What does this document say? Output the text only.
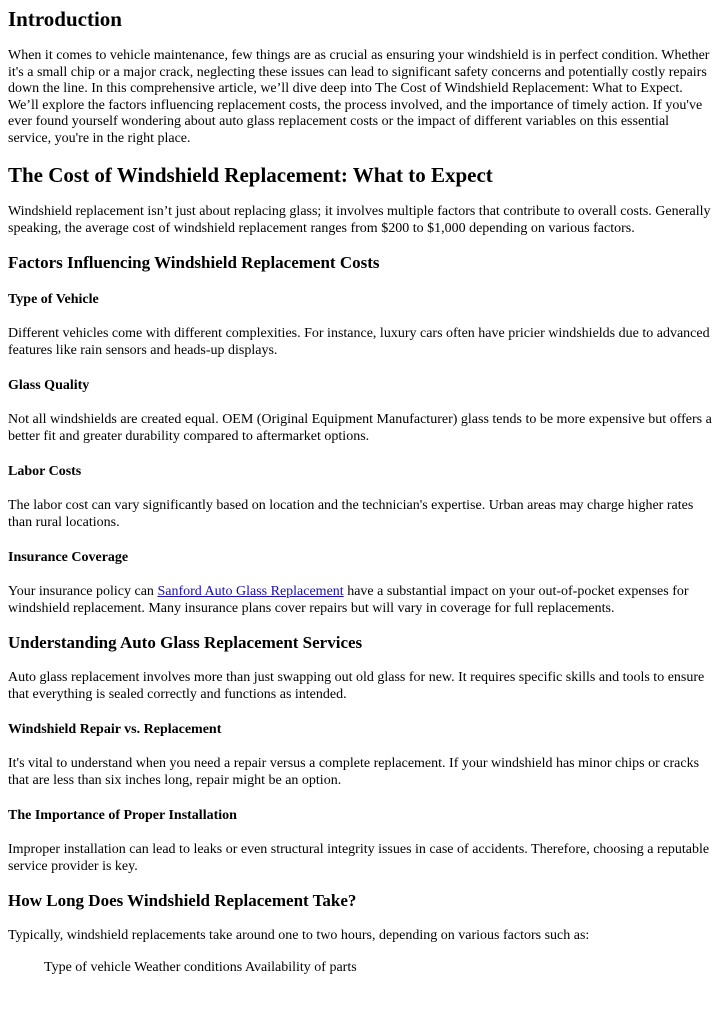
Introduction

When it comes to vehicle maintenance, few things are as crucial as ensuring your windshield is in perfect condition. Whether it's a small chip or a major crack, neglecting these issues can lead to significant safety concerns and potentially costly repairs down the line. In this comprehensive article, we’ll dive deep into The Cost of Windshield Replacement: What to Expect. We’ll explore the factors influencing replacement costs, the process involved, and the importance of timely action. If you've ever found yourself wondering about auto glass replacement costs or the impact of different variables on this essential service, you're in the right place.

The Cost of Windshield Replacement: What to Expect

Windshield replacement isn’t just about replacing glass; it involves multiple factors that contribute to overall costs. Generally speaking, the average cost of windshield replacement ranges from $200 to $1,000 depending on various factors.

Factors Influencing Windshield Replacement Costs
Type of Vehicle

Different vehicles come with different complexities. For instance, luxury cars often have pricier windshields due to advanced features like rain sensors and heads-up displays.

Glass Quality

Not all windshields are created equal. OEM (Original Equipment Manufacturer) glass tends to be more expensive but offers a better fit and greater durability compared to aftermarket options.

Labor Costs

The labor cost can vary significantly based on location and the technician's expertise. Urban areas may charge higher rates than rural locations.

Insurance Coverage

Your insurance policy can Sanford Auto Glass Replacement have a substantial impact on your out-of-pocket expenses for windshield replacement. Many insurance plans cover repairs but will vary in coverage for full replacements.

Understanding Auto Glass Replacement Services

Auto glass replacement involves more than just swapping out old glass for new. It requires specific skills and tools to ensure that everything is sealed correctly and functions as intended.

Windshield Repair vs. Replacement

It's vital to understand when you need a repair versus a complete replacement. If your windshield has minor chips or cracks that are less than six inches long, repair might be an option.

The Importance of Proper Installation

Improper installation can lead to leaks or even structural integrity issues in case of accidents. Therefore, choosing a reputable service provider is key.

How Long Does Windshield Replacement Take?

Typically, windshield replacements take around one to two hours, depending on various factors such as:

Type of vehicle Weather conditions Availability of parts
